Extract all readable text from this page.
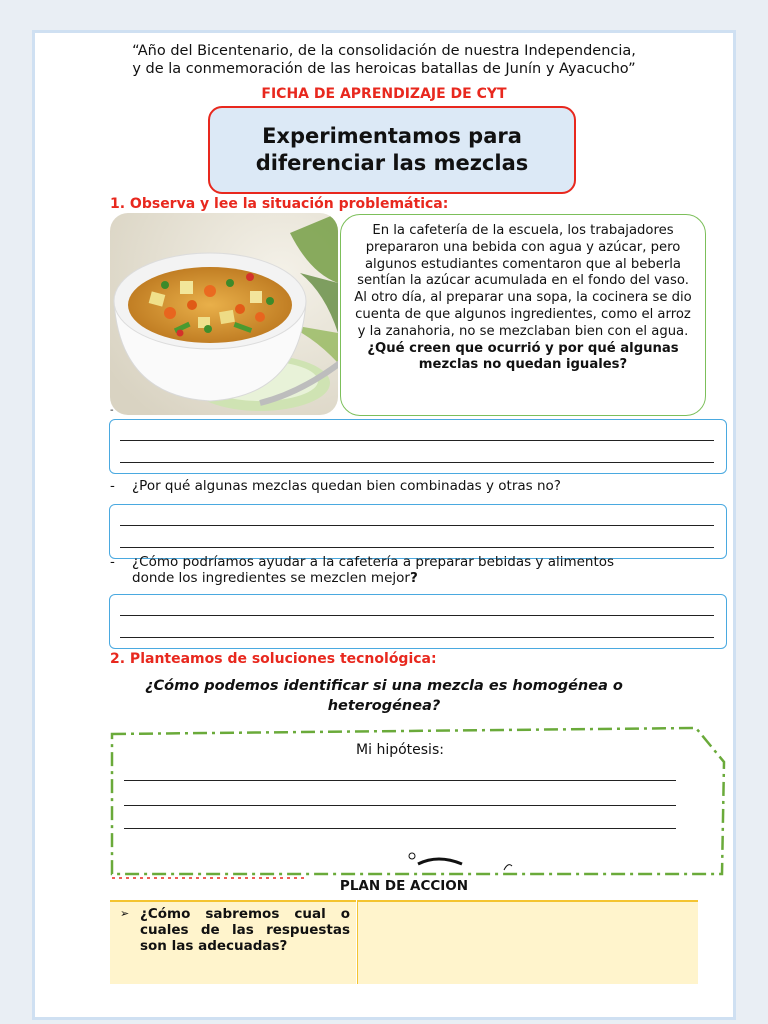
“Año del Bicentenario, de la consolidación de nuestra Independencia,
y de la conmemoración de las heroicas batallas de Junín y Ayacucho”
FICHA DE APRENDIZAJE DE CYT
Experimentamos para
diferenciar las mezclas
1. Observa y lee la situación problemática:
En la cafetería de la escuela, los trabajadores prepararon una bebida con agua y azúcar, pero algunos estudiantes comentaron que al beberla sentían la azúcar acumulada en el fondo del vaso. Al otro día, al preparar una sopa, la cocinera se dio cuenta de que algunos ingredientes, como el arroz y la zanahoria, no se mezclaban bien con el agua. ¿Qué creen que ocurrió y por qué algunas mezclas no quedan iguales?
-
- ¿Por qué algunas mezclas quedan bien combinadas y otras no?
- ¿Cómo podríamos ayudar a la cafetería a preparar bebidas y alimentos
donde los ingredientes se mezclen mejor?
2. Planteamos de soluciones tecnológica:
¿Cómo podemos identificar si una mezcla es homogénea o
heterogénea?
Mi hipótesis:
PLAN DE ACCION
➢ ¿Cómo sabremos cual o cuales de las respuestas son las adecuadas?
